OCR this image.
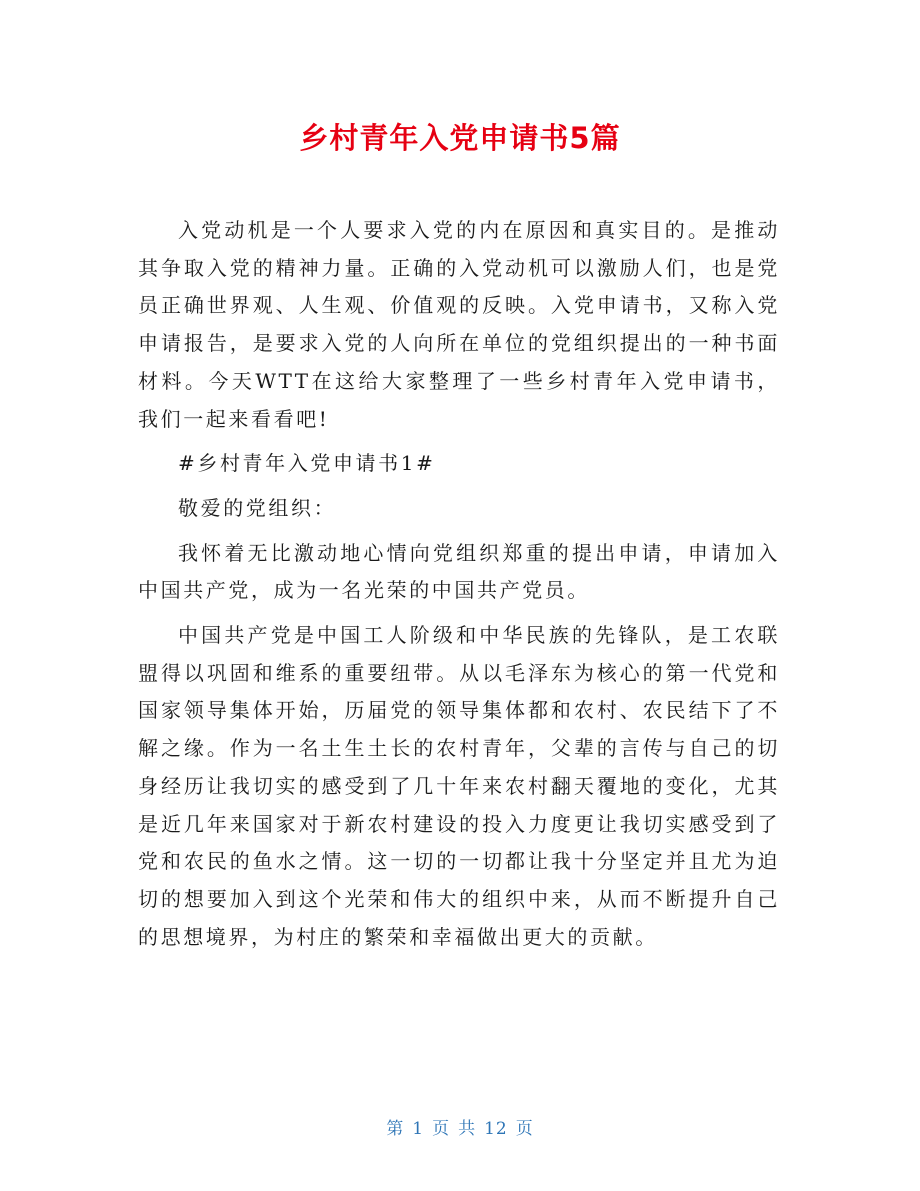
乡村青年入党申请书5篇

入党动机是一个人要求入党的内在原因和真实目的。是推动其争取入党的精神力量。正确的入党动机可以激励人们，也是党员正确世界观、人生观、价值观的反映。入党申请书，又称入党申请报告，是要求入党的人向所在单位的党组织提出的一种书面材料。今天WTT在这给大家整理了一些乡村青年入党申请书，我们一起来看看吧!

#乡村青年入党申请书1#

敬爱的党组织：

我怀着无比激动地心情向党组织郑重的提出申请，申请加入中国共产党，成为一名光荣的中国共产党员。

中国共产党是中国工人阶级和中华民族的先锋队，是工农联盟得以巩固和维系的重要纽带。从以毛泽东为核心的第一代党和国家领导集体开始，历届党的领导集体都和农村、农民结下了不解之缘。作为一名土生土长的农村青年，父辈的言传与自己的切身经历让我切实的感受到了几十年来农村翻天覆地的变化，尤其是近几年来国家对于新农村建设的投入力度更让我切实感受到了党和农民的鱼水之情。这一切的一切都让我十分坚定并且尤为迫切的想要加入到这个光荣和伟大的组织中来，从而不断提升自己的思想境界，为村庄的繁荣和幸福做出更大的贡献。

第 1 页 共 12 页
